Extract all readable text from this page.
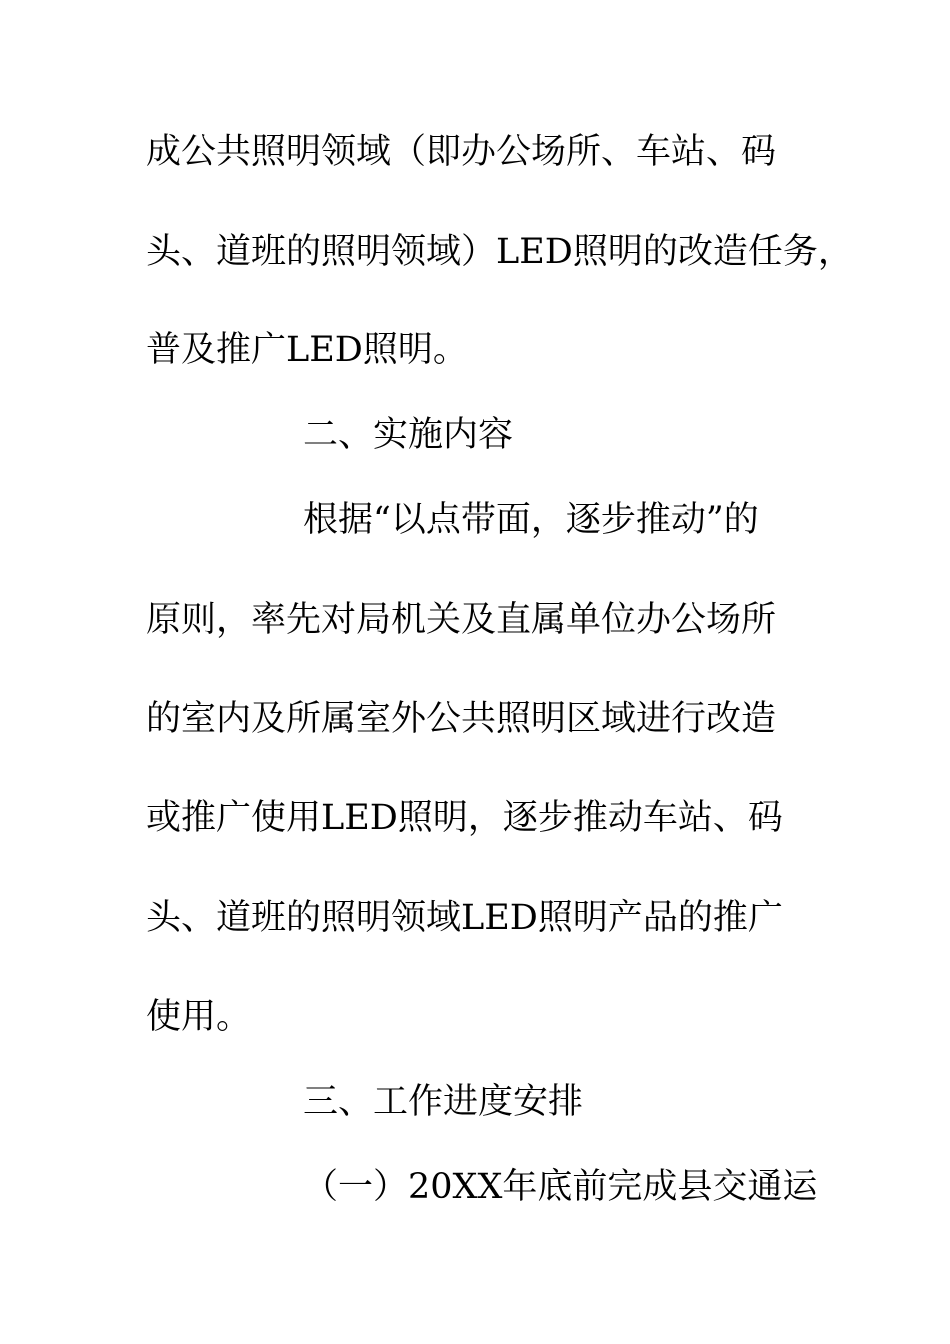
成公共照明领域（即办公场所、车站、码
头、道班的照明领域）LED照明的改造任务，
普及推广LED照明。
二、实施内容
根据“以点带面，逐步推动”的
原则，率先对局机关及直属单位办公场所
的室内及所属室外公共照明区域进行改造
或推广使用LED照明，逐步推动车站、码
头、道班的照明领域LED照明产品的推广
使用。
三、工作进度安排
（一）20XX年底前完成县交通运
